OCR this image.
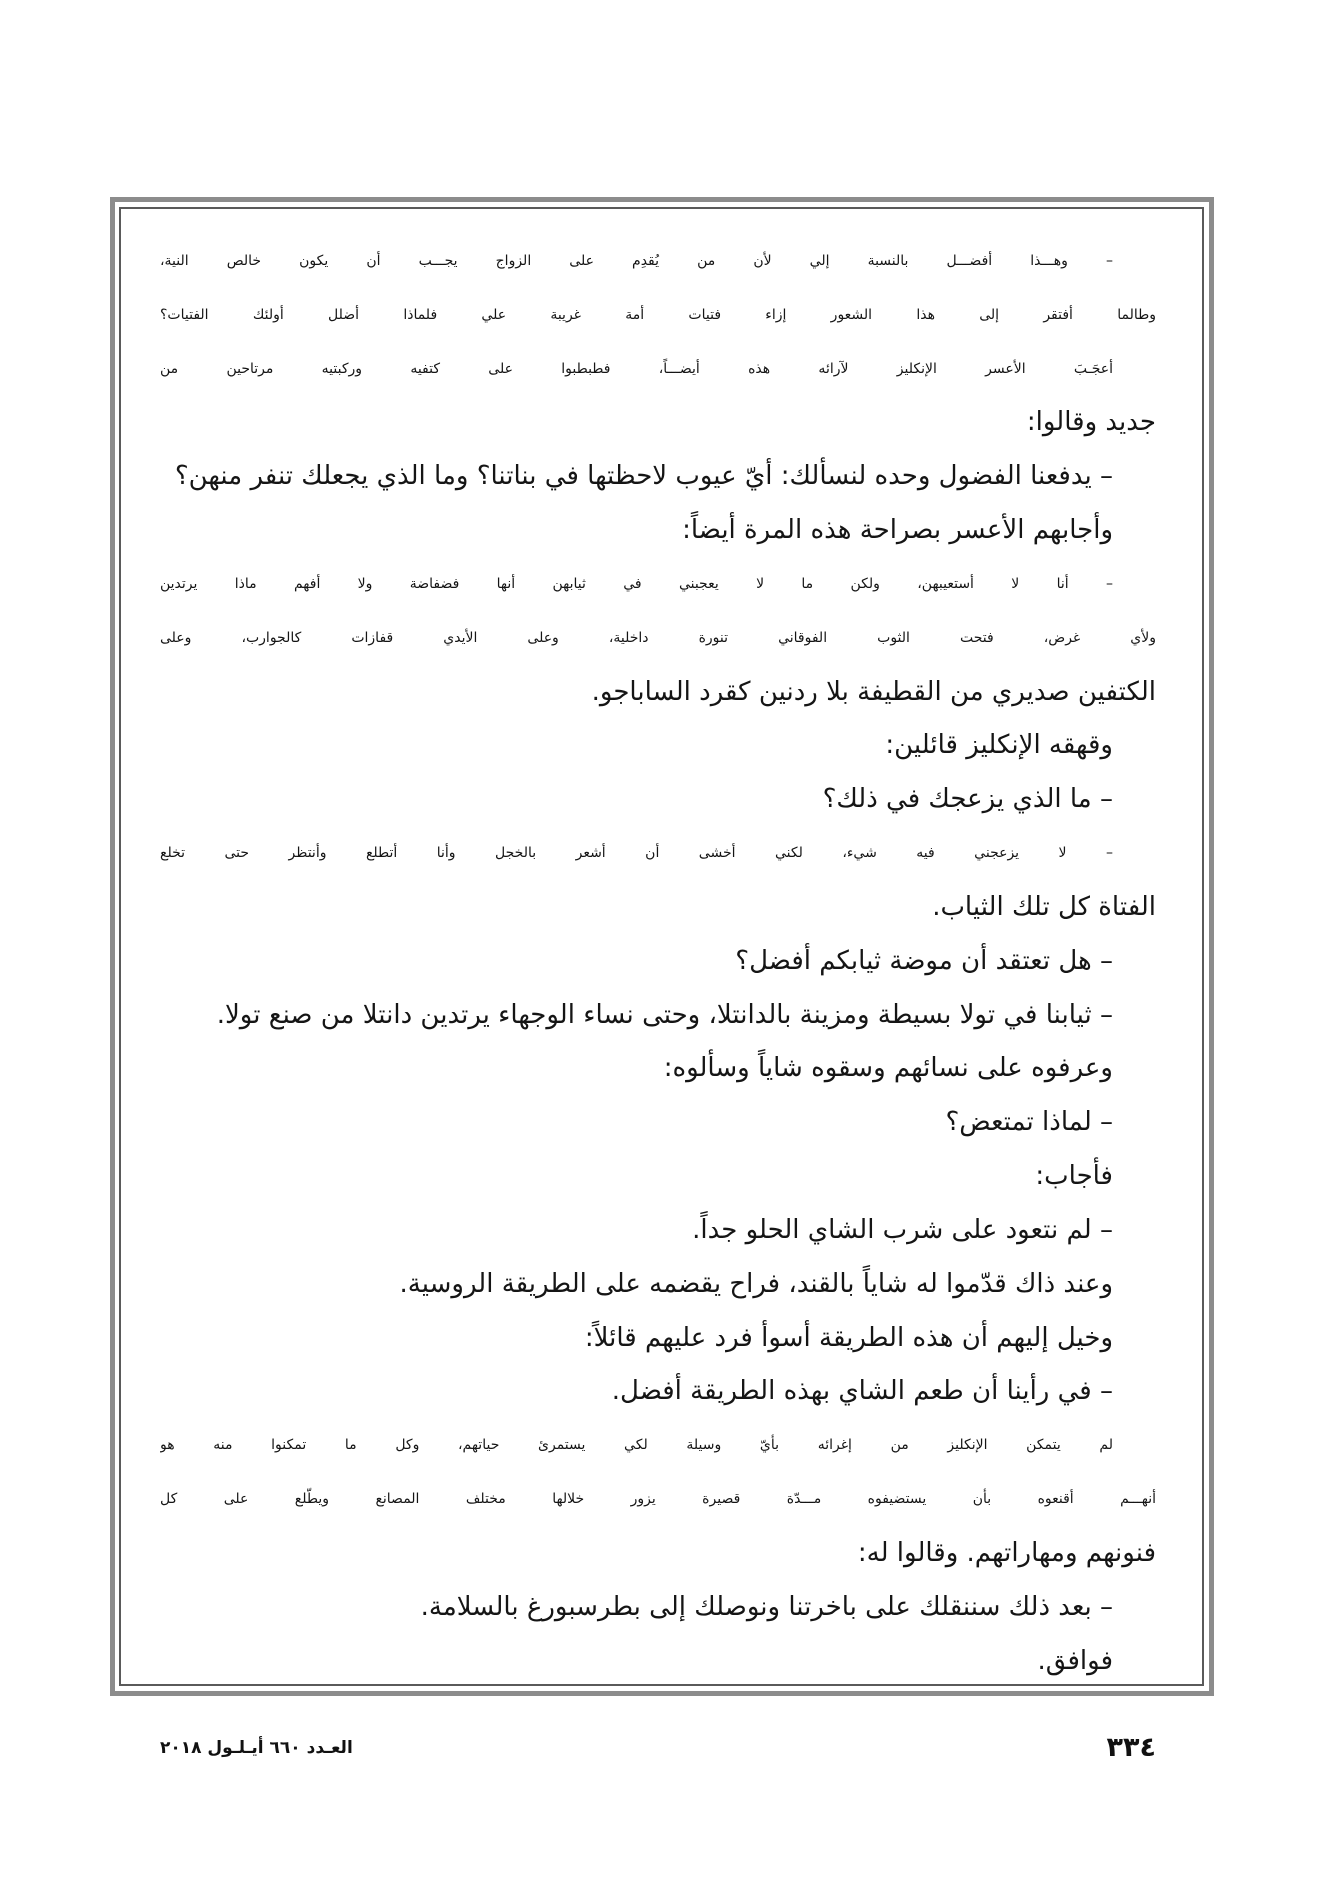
– وهـــذا أفضـــل بالنسبة إلي لأن من يُقدِم على الزواج يجـــب أن يكون خالص النية،
وطالما أفتقر إلى هذا الشعور إزاء فتيات أمة غريبة علي فلماذا أضلل أولئك الفتيات؟
أعجَـبَ الأعسر الإنكليز لآرائه هذه أيضـــاً، فطبطبوا على كتفيه وركبتيه مرتاحين من
جديد وقالوا:
– يدفعنا الفضول وحده لنسألك: أيّ عيوب لاحظتها في بناتنا؟ وما الذي يجعلك تنفر منهن؟
وأجابهم الأعسر بصراحة هذه المرة أيضاً:
– أنا لا أستعيبهن، ولكن ما لا يعجبني في ثيابهن أنها فضفاضة ولا أفهم ماذا يرتدين
ولأي غرض، فتحت الثوب الفوقاني تنورة داخلية، وعلى الأيدي قفازات كالجوارب، وعلى
الكتفين صديري من القطيفة بلا ردنين كقرد الساباجو.
وقهقه الإنكليز قائلين:
– ما الذي يزعجك في ذلك؟
– لا يزعجني فيه شيء، لكني أخشى أن أشعر بالخجل وأنا أتطلع وأنتظر حتى تخلع
الفتاة كل تلك الثياب.
– هل تعتقد أن موضة ثيابكم أفضل؟
– ثيابنا في تولا بسيطة ومزينة بالدانتلا، وحتى نساء الوجهاء يرتدين دانتلا من صنع تولا.
وعرفوه على نسائهم وسقوه شاياً وسألوه:
– لماذا تمتعض؟
فأجاب:
– لم نتعود على شرب الشاي الحلو جداً.
وعند ذاك قدّموا له شاياً بالقند، فراح يقضمه على الطريقة الروسية.
وخيل إليهم أن هذه الطريقة أسوأ فرد عليهم قائلاً:
– في رأينا أن طعم الشاي بهذه الطريقة أفضل.
لم يتمكن الإنكليز من إغرائه بأيّ وسيلة لكي يستمرئ حياتهم، وكل ما تمكنوا منه هو
أنهـــم أقنعوه بأن يستضيفوه مـــدّة قصيرة يزور خلالها مختلف المصانع ويطّلع على كل
فنونهم ومهاراتهم. وقالوا له:
– بعد ذلك سننقلك على باخرتنا ونوصلك إلى بطرسبورغ بالسلامة.
فوافق.
٣٣٤
العـدد ٦٦٠ أيـلـول ٢٠١٨
